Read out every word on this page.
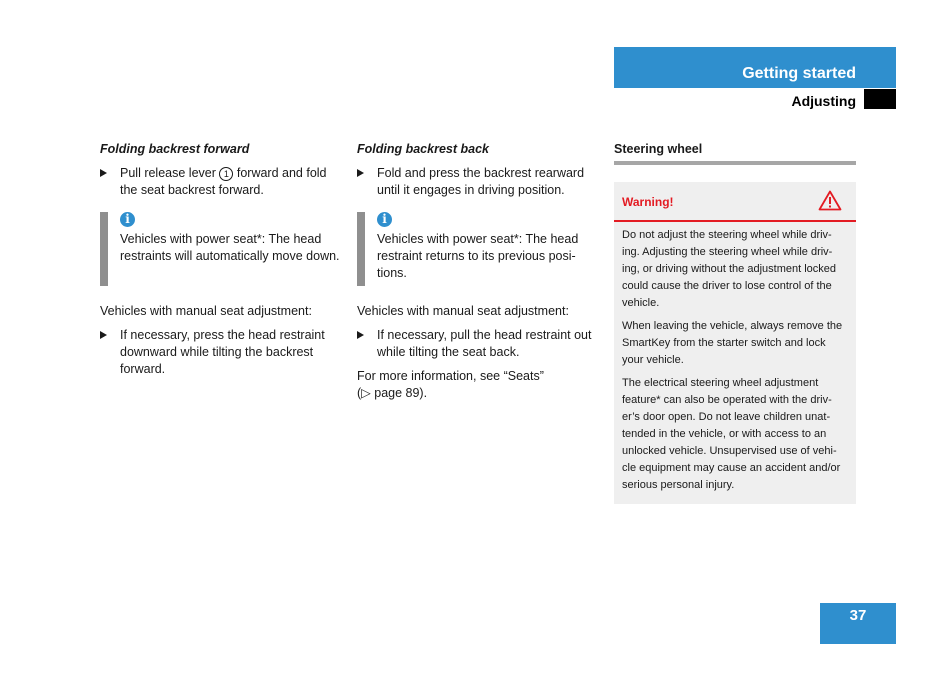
Getting started
Adjusting

Folding backrest forward

Pull release lever 1 forward and fold the seat backrest forward.
i
Vehicles with power seat*: The head restraints will automatically move down.

Vehicles with manual seat adjustment:

If necessary, press the head restraint downward while tilting the backrest forward.

Folding backrest back

Fold and press the backrest rearward until it engages in driving position.
i
Vehicles with power seat*: The head restraint returns to its previous posi-tions.

Vehicles with manual seat adjustment:

If necessary, pull the head restraint out while tilting the seat back.

For more information, see “Seats”
(▷ page 89).

Steering wheel

Warning!

Do not adjust the steering wheel while driv-ing. Adjusting the steering wheel while driv-ing, or driving without the adjustment locked could cause the driver to lose control of the vehicle.

When leaving the vehicle, always remove the SmartKey from the starter switch and lock your vehicle.

The electrical steering wheel adjustment feature* can also be operated with the driv-er’s door open. Do not leave children unat-tended in the vehicle, or with access to an unlocked vehicle. Unsupervised use of vehi-cle equipment may cause an accident and/or serious personal injury.

37
